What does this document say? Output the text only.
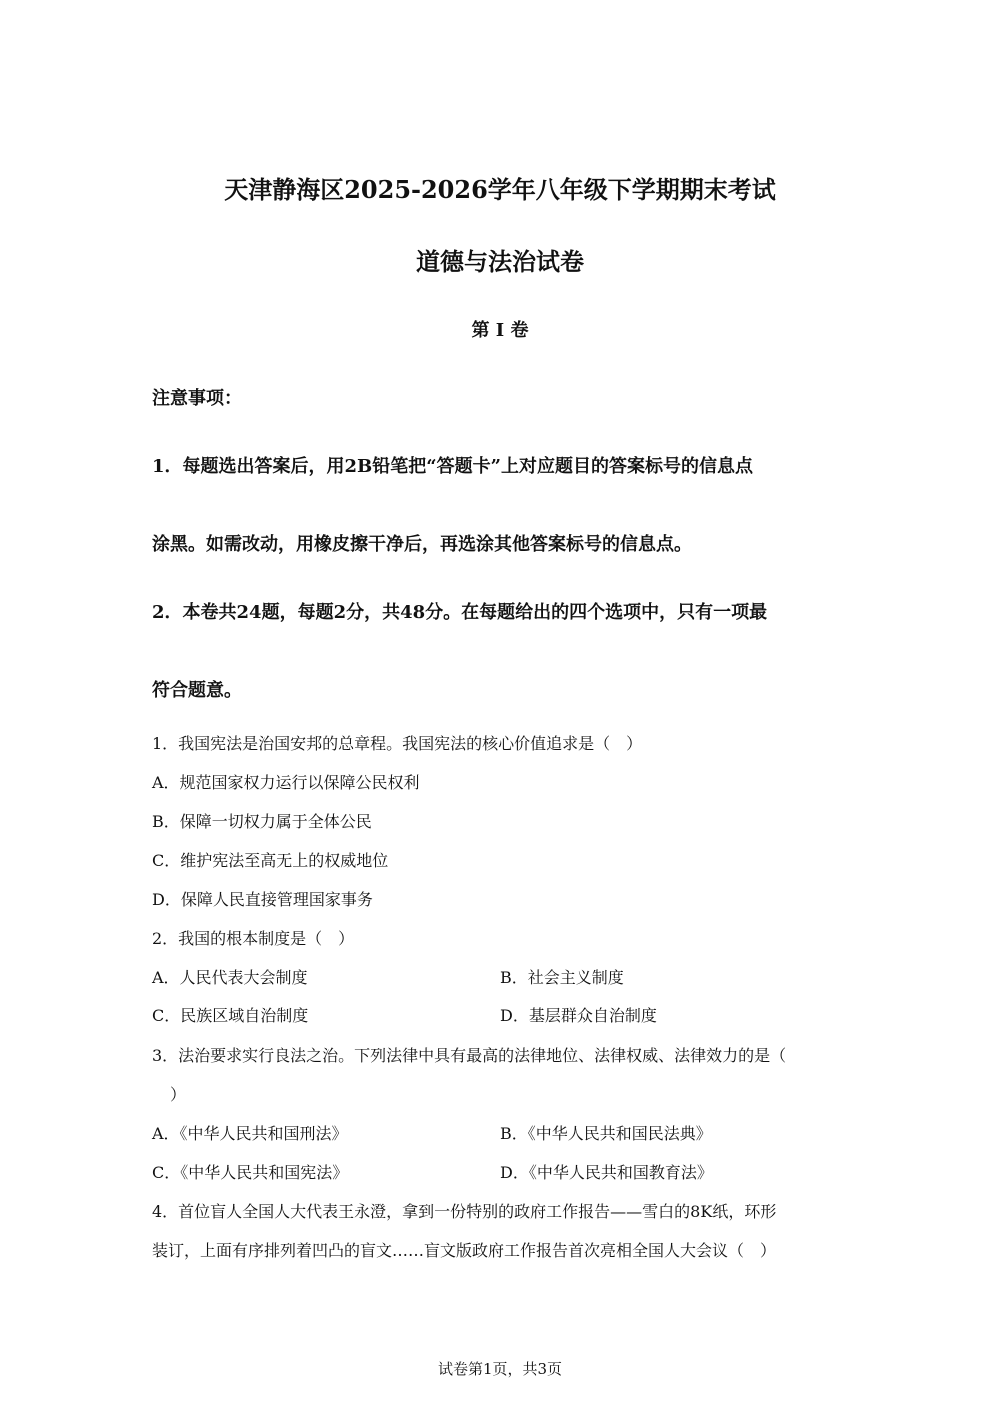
天津静海区2025-2026学年八年级下学期期末考试
道德与法治试卷
第 I 卷
注意事项：
1．每题选出答案后，用2B铅笔把“答题卡”上对应题目的答案标号的信息点
涂黑。如需改动，用橡皮擦干净后，再选涂其他答案标号的信息点。
2．本卷共24题，每题2分，共48分。在每题给出的四个选项中，只有一项最
符合题意。
1．我国宪法是治国安邦的总章程。我国宪法的核心价值追求是（　）
A．规范国家权力运行以保障公民权利
B．保障一切权力属于全体公民
C．维护宪法至高无上的权威地位
D．保障人民直接管理国家事务
2．我国的根本制度是（　）
A．人民代表大会制度	B．社会主义制度
C．民族区域自治制度	D．基层群众自治制度
3．法治要求实行良法之治。下列法律中具有最高的法律地位、法律权威、法律效力的是（
）
A．《中华人民共和国刑法》	B．《中华人民共和国民法典》
C．《中华人民共和国宪法》	D．《中华人民共和国教育法》
4．首位盲人全国人大代表王永澄，拿到一份特别的政府工作报告——雪白的8K纸，环形
装订，上面有序排列着凹凸的盲文……盲文版政府工作报告首次亮相全国人大会议（　）
试卷第1页，共3页
